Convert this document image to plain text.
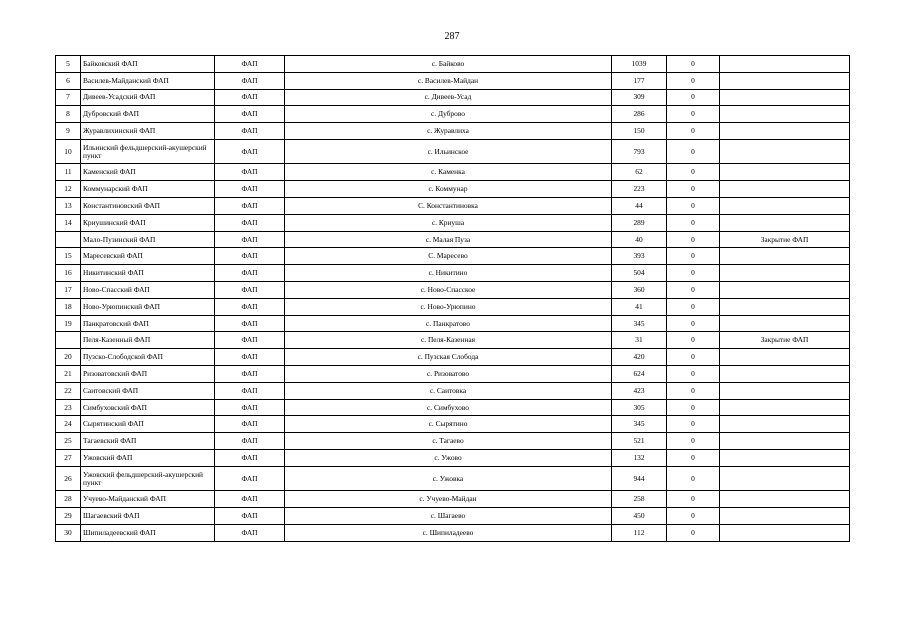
287
5	Байковский ФАП	ФАП	с. Байково	1039	0	
6	Василев-Майданский ФАП	ФАП	с. Василев-Майдан	177	0	
7	Дивеев-Усадский ФАП	ФАП	с. Дивеев-Усад	309	0	
8	Дубровский ФАП	ФАП	с. Дуброво	286	0	
9	Журавлихинский ФАП	ФАП	с. Журавлиха	150	0	
10	Ильинский фельдшерский-акушерский пункт	ФАП	с. Ильинское	793	0	
11	Каменский ФАП	ФАП	с. Каменка	62	0	
12	Коммунарский ФАП	ФАП	с. Коммунар	223	0	
13	Константиновский ФАП	ФАП	С. Константиновка	44	0	
14	Криушинский ФАП	ФАП	с. Криуша	289	0	
	Мало-Пузинский ФАП	ФАП	с. Малая Пуза	40	0	Закрытие ФАП
15	Маресевский ФАП	ФАП	С. Маресево	393	0	
16	Никитинский ФАП	ФАП	с. Никитино	504	0	
17	Ново-Спасский ФАП	ФАП	с. Ново-Спасское	360	0	
18	Ново-Урюпинский ФАП	ФАП	с. Ново-Урюпино	41	0	
19	Панкратовский ФАП	ФАП	с. Панкратово	345	0	
	Пеля-Казенный ФАП	ФАП	с. Пеля-Казенная	31	0	Закрытие ФАП
20	Пузско-Слободской ФАП	ФАП	с. Пузская Слобода	420	0	
21	Ризоватовский ФАП	ФАП	с. Ризоватово	624	0	
22	Саитовский ФАП	ФАП	с. Саитовка	423	0	
23	Симбуховский ФАП	ФАП	с. Симбухово	305	0	
24	Сырятинский ФАП	ФАП	с. Сырятино	345	0	
25	Тагаевский ФАП	ФАП	с. Тагаево	521	0	
27	Ужовский ФАП	ФАП	с. Ужово	132	0	
26	Ужовский фельдшерский-акушерский пункт	ФАП	с. Ужовка	944	0	
28	Учуево-Майданский ФАП	ФАП	с. Учуево-Майдан	258	0	
29	Шагаевский ФАП	ФАП	с. Шагаево	450	0	
30	Шипиладеевский ФАП	ФАП	с. Шипиладеево	112	0	
